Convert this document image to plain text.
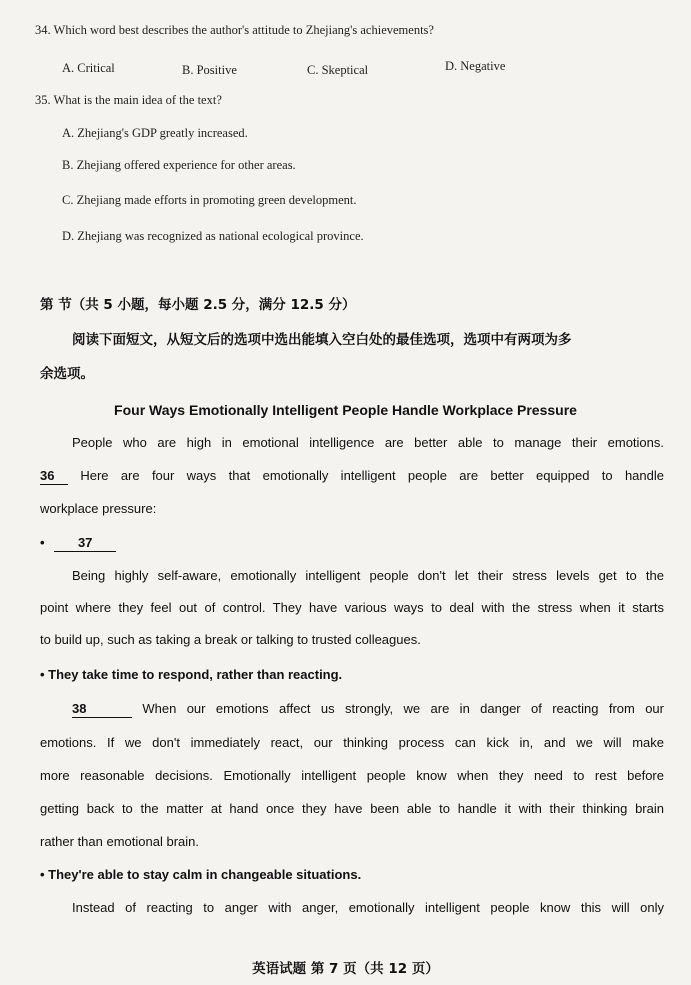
34. Which word best describes the author's attitude to Zhejiang's achievements?
A. Critical	B. Positive	C. Skeptical	D. Negative
35. What is the main idea of the text?
A. Zhejiang's GDP greatly increased.
B. Zhejiang offered experience for other areas.
C. Zhejiang made efforts in promoting green development.
D. Zhejiang was recognized as national ecological province.
第 节（共 5 小题，每小题 2.5 分，满分 12.5 分）
阅读下面短文，从短文后的选项中选出能填入空白处的最佳选项，选项中有两项为多
余选项。
Four Ways Emotionally Intelligent People Handle Workplace Pressure
People who are high in emotional intelligence are better able to manage their emotions.
36 Here are four ways that emotionally intelligent people are better equipped to handle
workplace pressure:
•	37
Being highly self-aware, emotionally intelligent people don't let their stress levels get to the
point where they feel out of control. They have various ways to deal with the stress when it starts
to build up, such as taking a break or talking to trusted colleagues.
• They take time to respond, rather than reacting.
38	When our emotions affect us strongly, we are in danger of reacting from our
emotions. If we don't immediately react, our thinking process can kick in, and we will make
more reasonable decisions. Emotionally intelligent people know when they need to rest before
getting back to the matter at hand once they have been able to handle it with their thinking brain
rather than emotional brain.
• They're able to stay calm in changeable situations.
Instead of reacting to anger with anger, emotionally intelligent people know this will only
英语试题 第 7 页（共 12 页）
